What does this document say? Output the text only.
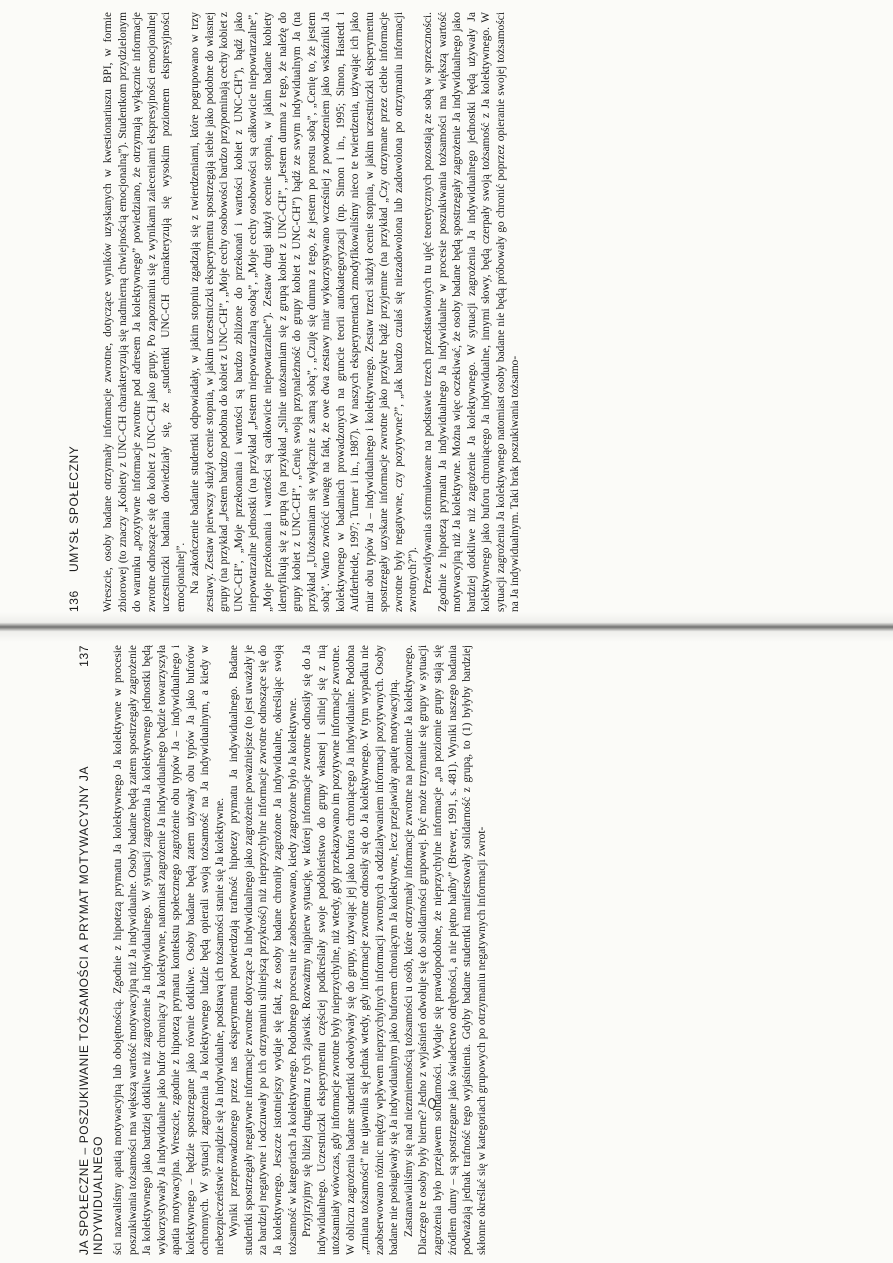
136
UMYSŁ SPOŁECZNY Wreszcie, osoby badane otrzymały informacje zwrotne, dotyczące wyników uzyskanych w kwestionariuszu BPI, w formie zbiorowej (to znaczy „Kobiety z UNC-CH charakteryzują się nadmierną chwiejnością emocjonalną”). Studentkom przydzielonym do warunku „pozytywne informacje zwrotne pod adresem Ja kolektywnego” powiedziano, że otrzymają wyłącznie informacje zwrotne odnoszące się do kobiet z UNC-CH jako grupy. Po zapoznaniu się z wynikami zaleceniami ekspresyjności emocjonalnej uczestniczki badania dowiedziały się, że „studentki UNC-CH charakteryzują się wysokim poziomem ekspresyjności emocjonalnej”. Na zakończenie badanie studentki odpowiadały, w jakim stopniu zgadzają się z twierdzeniami, które pogrupowano w trzy zestawy. Zestaw pierwszy służył ocenie stopnia, w jakim uczestniczki eksperymentu spostrzegają siebie jako podobne do własnej grupy (na przykład „Jestem bardzo podobna do kobiet z UNC-CH”, „Moje cechy osobowości bardzo przypominają cechy kobiet z UNC-CH”, „Moje przekonania i wartości są bardzo zbliżone do przekonań i wartości kobiet z UNC-CH”), bądź jako niepowtarzalne jednostki (na przykład „Jestem niepowtarzalną osobą”, „Moje cechy osobowości są całkowicie niepowtarzalne”, „Moje przekonania i wartości są całkowicie niepowtarzalne”). Zestaw drugi służył ocenie stopnia, w jakim badane kobiety identyfikują się z grupą (na przykład „Silnie utożsamiam się z grupą kobiet z UNC-CH”, „Jestem dumna z tego, że należę do grupy kobiet z UNC-CH”, „Cenię swoją przynależność do grupy kobiet z UNC-CH”) bądź ze swym indywidualnym Ja (na przykład „Utożsamiam się wyłącznie z samą sobą”, „Czuję się dumna z tego, że jestem po prostu sobą”, „Cenię to, że jestem sobą”. Warto zwrócić uwagę na fakt, że owe dwa zestawy miar wykorzystywano wcześniej z powodzeniem jako wskaźniki Ja kolektywnego w badaniach prowadzonych na gruncie teorii autokategoryzacji (np. Simon i in., 1995; Simon, Hastedt i Aufderheide, 1997; Turner i in., 1987). W naszych eksperymentach zmodyfikowaliśmy nieco te twierdzenia, używając ich jako miar obu typów Ja – indywidualnego i kolektywnego. Zestaw trzeci służył ocenie stopnia, w jakim uczestniczki eksperymentu spostrzegały uzyskane informacje zwrotne jako przykre bądź przyjemne (na przykład „Czy otrzymane przez ciebie informacje zwrotne były negatywne, czy pozytywne?”, „Jak bardzo czułaś się niezadowolona lub zadowolona po otrzymaniu informacji zwrotnych?”). Przewidywania sformułowane na podstawie trzech przedstawionych tu ujęć teoretycznych pozostają ze sobą w sprzeczności. Zgodnie z hipotezą prymatu Ja indywidualnego Ja indywidualne w procesie poszukiwania tożsamości ma większą wartość motywacyjną niż Ja kolektywne. Można więc oczekiwać, że osoby badane będą spostrzegały zagrożenie Ja indywidualnego jako bardziej dotkliwe niż zagrożenie Ja kolektywnego. W sytuacji zagrożenia Ja indywidualnego jednostki będą używały Ja kolektywnego jako buforu chroniącego Ja indywidualne, innymi słowy, będą czerpały swoją tożsamość z Ja kolektywnego. W sytuacji zagrożenia Ja kolektywnego natomiast osoby badane nie będą próbowały go chronić poprzez opieranie swojej tożsamości na Ja indywidualnym. Taki brak poszukiwania tożsamo-

JA SPOŁECZNE – POSZUKIWANIE TOŻSAMOŚCI A PRYMAT MOTYWACYJNY JA INDYWIDUALNEGO
137 ści nazwaliśmy apatią motywacyjną lub obojętnością. Zgodnie z hipotezą prymatu Ja kolektywnego Ja kolektywne w procesie poszukiwania tożsamości ma większą wartość motywacyjną niż Ja indywidualne. Osoby badane będą zatem spostrzegały zagrożenie Ja kolektywnego jako bardziej dotkliwe niż zagrożenie Ja indywidualnego. W sytuacji zagrożenia Ja kolektywnego jednostki będą wykorzystywały Ja indywidualne jako bufor chroniący Ja kolektywne, natomiast zagrożenie Ja indywidualnego będzie towarzyszyła apatia motywacyjna. Wreszcie, zgodnie z hipotezą prymatu kontekstu społecznego zagrożenie obu typów Ja – indywidualnego i kolektywnego – będzie spostrzegane jako równie dotkliwe. Osoby badane będą zatem używały obu typów Ja jako buforów ochronnych. W sytuacji zagrożenia Ja kolektywnego ludzie będą opierali swoją tożsamość na Ja indywidualnym, a kiedy w niebezpieczeństwie znajdzie się Ja indywidualne, podstawą ich tożsamości stanie się Ja kolektywne. Wyniki przeprowadzonego przez nas eksperymentu potwierdzają trafność hipotezy prymatu Ja indywidualnego. Badane studentki spostrzegały negatywne informacje zwrotne dotyczące Ja indywidualnego jako zagrożenie poważniejsze (to jest uważały je za bardziej negatywne i odczuwały po ich otrzymaniu silniejszą przykrość) niż nieprzychylne informacje zwrotne odnoszące się do Ja kolektywnego. Jeszcze istotniejszy wydaje się fakt, że osoby badane chroniły zagrożone Ja indywidualne, określając swoją tożsamość w kategoriach Ja kolektywnego. Podobnego procesu nie zaobserwowano, kiedy zagrożone było Ja kolektywne. Przyjrzyjmy się bliżej drugiemu z tych zjawisk. Rozważmy najpierw sytuację, w której informacje zwrotne odnosiły się do Ja indywidualnego. Uczestniczki eksperymentu częściej podkreślały swoje podobieństwo do grupy własnej i silniej się z nią utożsamiały wówczas, gdy informacje zwrotne były nieprzychylne, niż wtedy, gdy przekazywano im pozytywne informacje zwrotne. W obliczu zagrożenia badane studentki odwoływały się do grupy, używając jej jako bufora chroniącego Ja indywidualne. Podobna „zmiana tożsamości” nie ujawniła się jednak wtedy, gdy informacje zwrotne odnosiły się do Ja kolektywnego. W tym wypadku nie zaobserwowano różnic między wpływem nieprzychylnych informacji zwrotnych a oddziaływaniem informacji pozytywnych. Osoby badane nie posługiwały się Ja indywidualnym jako buforem chroniącym Ja kolektywne, lecz przejawiały apatię motywacyjną. Zastanawialiśmy się nad niezmiennością tożsamości u osób, które otrzymały informacje zwrotne na poziomie Ja kolektywnego. Dlaczego te osoby były bierne? Jedno z wyjaśnień odwołuje się do solidarności grupowej. Być może trzymanie się grupy w sytuacji zagrożenia było przejawem solidarności. Wydaje się prawdopodobne, że nieprzychylne informacje „na poziomie grupy stają się źródłem dumy – są spostrzegane jako świadectwo odrębności, a nie piętno hańby” (Brewer, 1991, s. 481). Wyniki naszego badania podważają jednak trafność tego wyjaśnienia. Gdyby badane studentki manifestowały solidarność z grupą, to (1) byłyby bardziej skłonne określać się w kategoriach grupowych po otrzymaniu negatywnych informacji zwrot-
